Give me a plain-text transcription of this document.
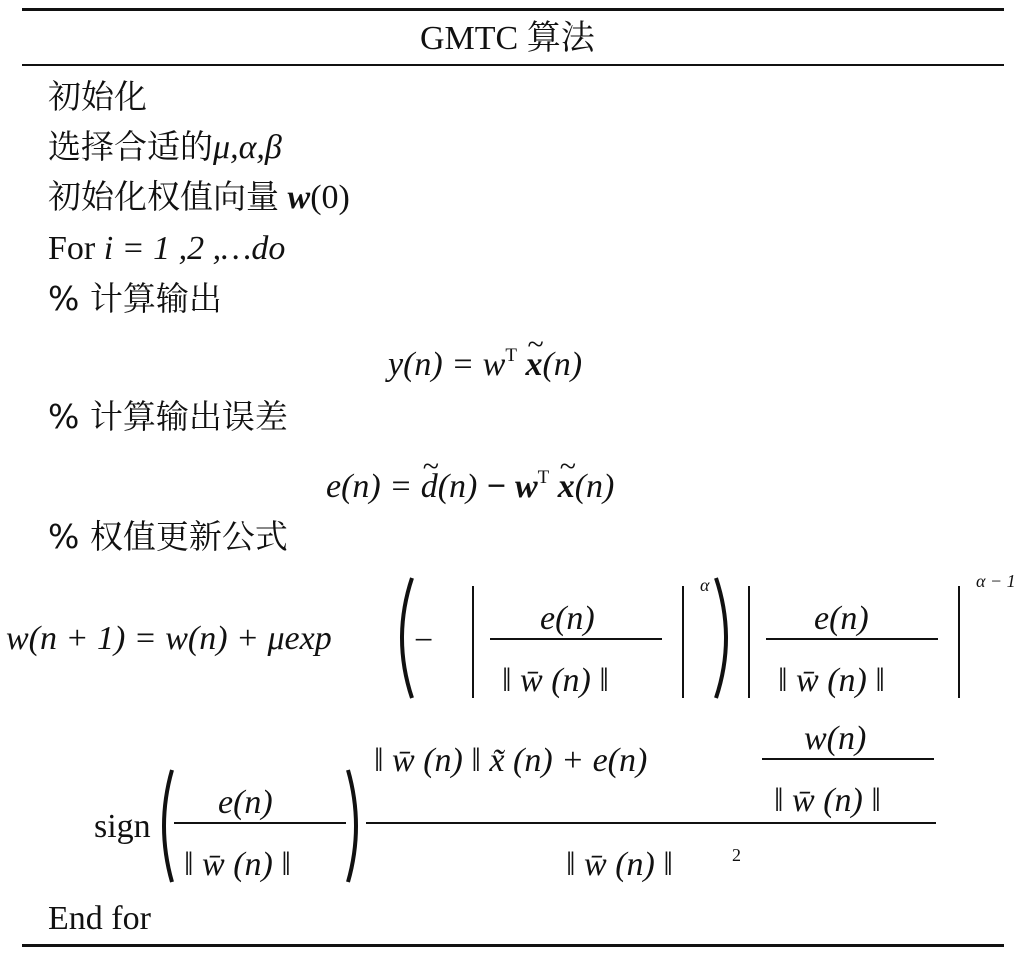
GMTC 算法
初始化
选择合适的μ,α,β
初始化权值向量 w(0)
For i = 1 ,2 ,…do
% 计算输出
$y(n) = w^T$ ~ x(n)
% 计算输出误差
e(n) = ~ $d(n) - w^T$ ~ x(n)
% 权值更新公式
w(n + 1) = w(n) + μexp −
e(n)
‖ w̄ (n) ‖
α
e(n)
‖ w̄ (n) ‖
α − 1
sign
e(n)
‖ w̄ (n) ‖
‖ w̄ (n) ‖ x̃ (n) + e(n)
w(n)
‖ w̄ (n) ‖
‖ w̄ (n) ‖	2
End for
